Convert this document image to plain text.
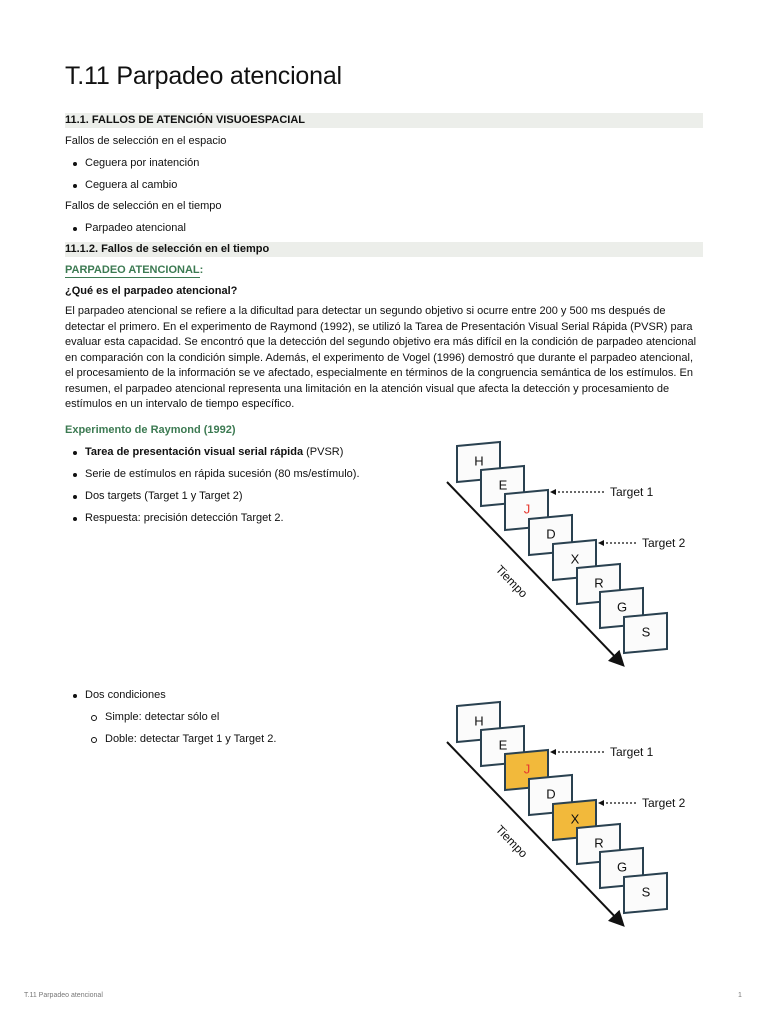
T.11 Parpadeo atencional
11.1. FALLOS DE ATENCIÓN VISUOESPACIAL

Fallos de selección en el espacio

Ceguera por inatención
Ceguera al cambio

Fallos de selección en el tiempo

Parpadeo atencional
11.1.2. Fallos de selección en el tiempo

PARPADEO ATENCIONAL:

¿Qué es el parpadeo atencional?

El parpadeo atencional se refiere a la dificultad para detectar un segundo objetivo si ocurre entre 200 y 500 ms después de detectar el primero. En el experimento de Raymond (1992), se utilizó la Tarea de Presentación Visual Serial Rápida (PVSR) para evaluar esta capacidad. Se encontró que la detección del segundo objetivo era más difícil en la condición de parpadeo atencional en comparación con la condición simple. Además, el experimento de Vogel (1996) demostró que durante el parpadeo atencional, el procesamiento de la información se ve afectado, especialmente en términos de la congruencia semántica de los estímulos. En resumen, el parpadeo atencional representa una limitación en la atención visual que afecta la detección y procesamiento de estímulos en un intervalo de tiempo específico.

Experimento de Raymond (1992)

Tarea de presentación visual serial rápida (PVSR)
Serie de estímulos en rápida sucesión (80 ms/estímulo).
Dos targets (Target 1 y Target 2)
Respuesta: precisión detección Target 2.
Dos condiciones
Simple: detectar sólo el
Doble: detectar Target 1 y Target 2.
Tiempo
H
E
J
D
X
R
G
S
Target 1
Target 2
Tiempo
H
E
J
D
X
R
G
S
Target 1
Target 2
T.11 Parpadeo atencional	1
